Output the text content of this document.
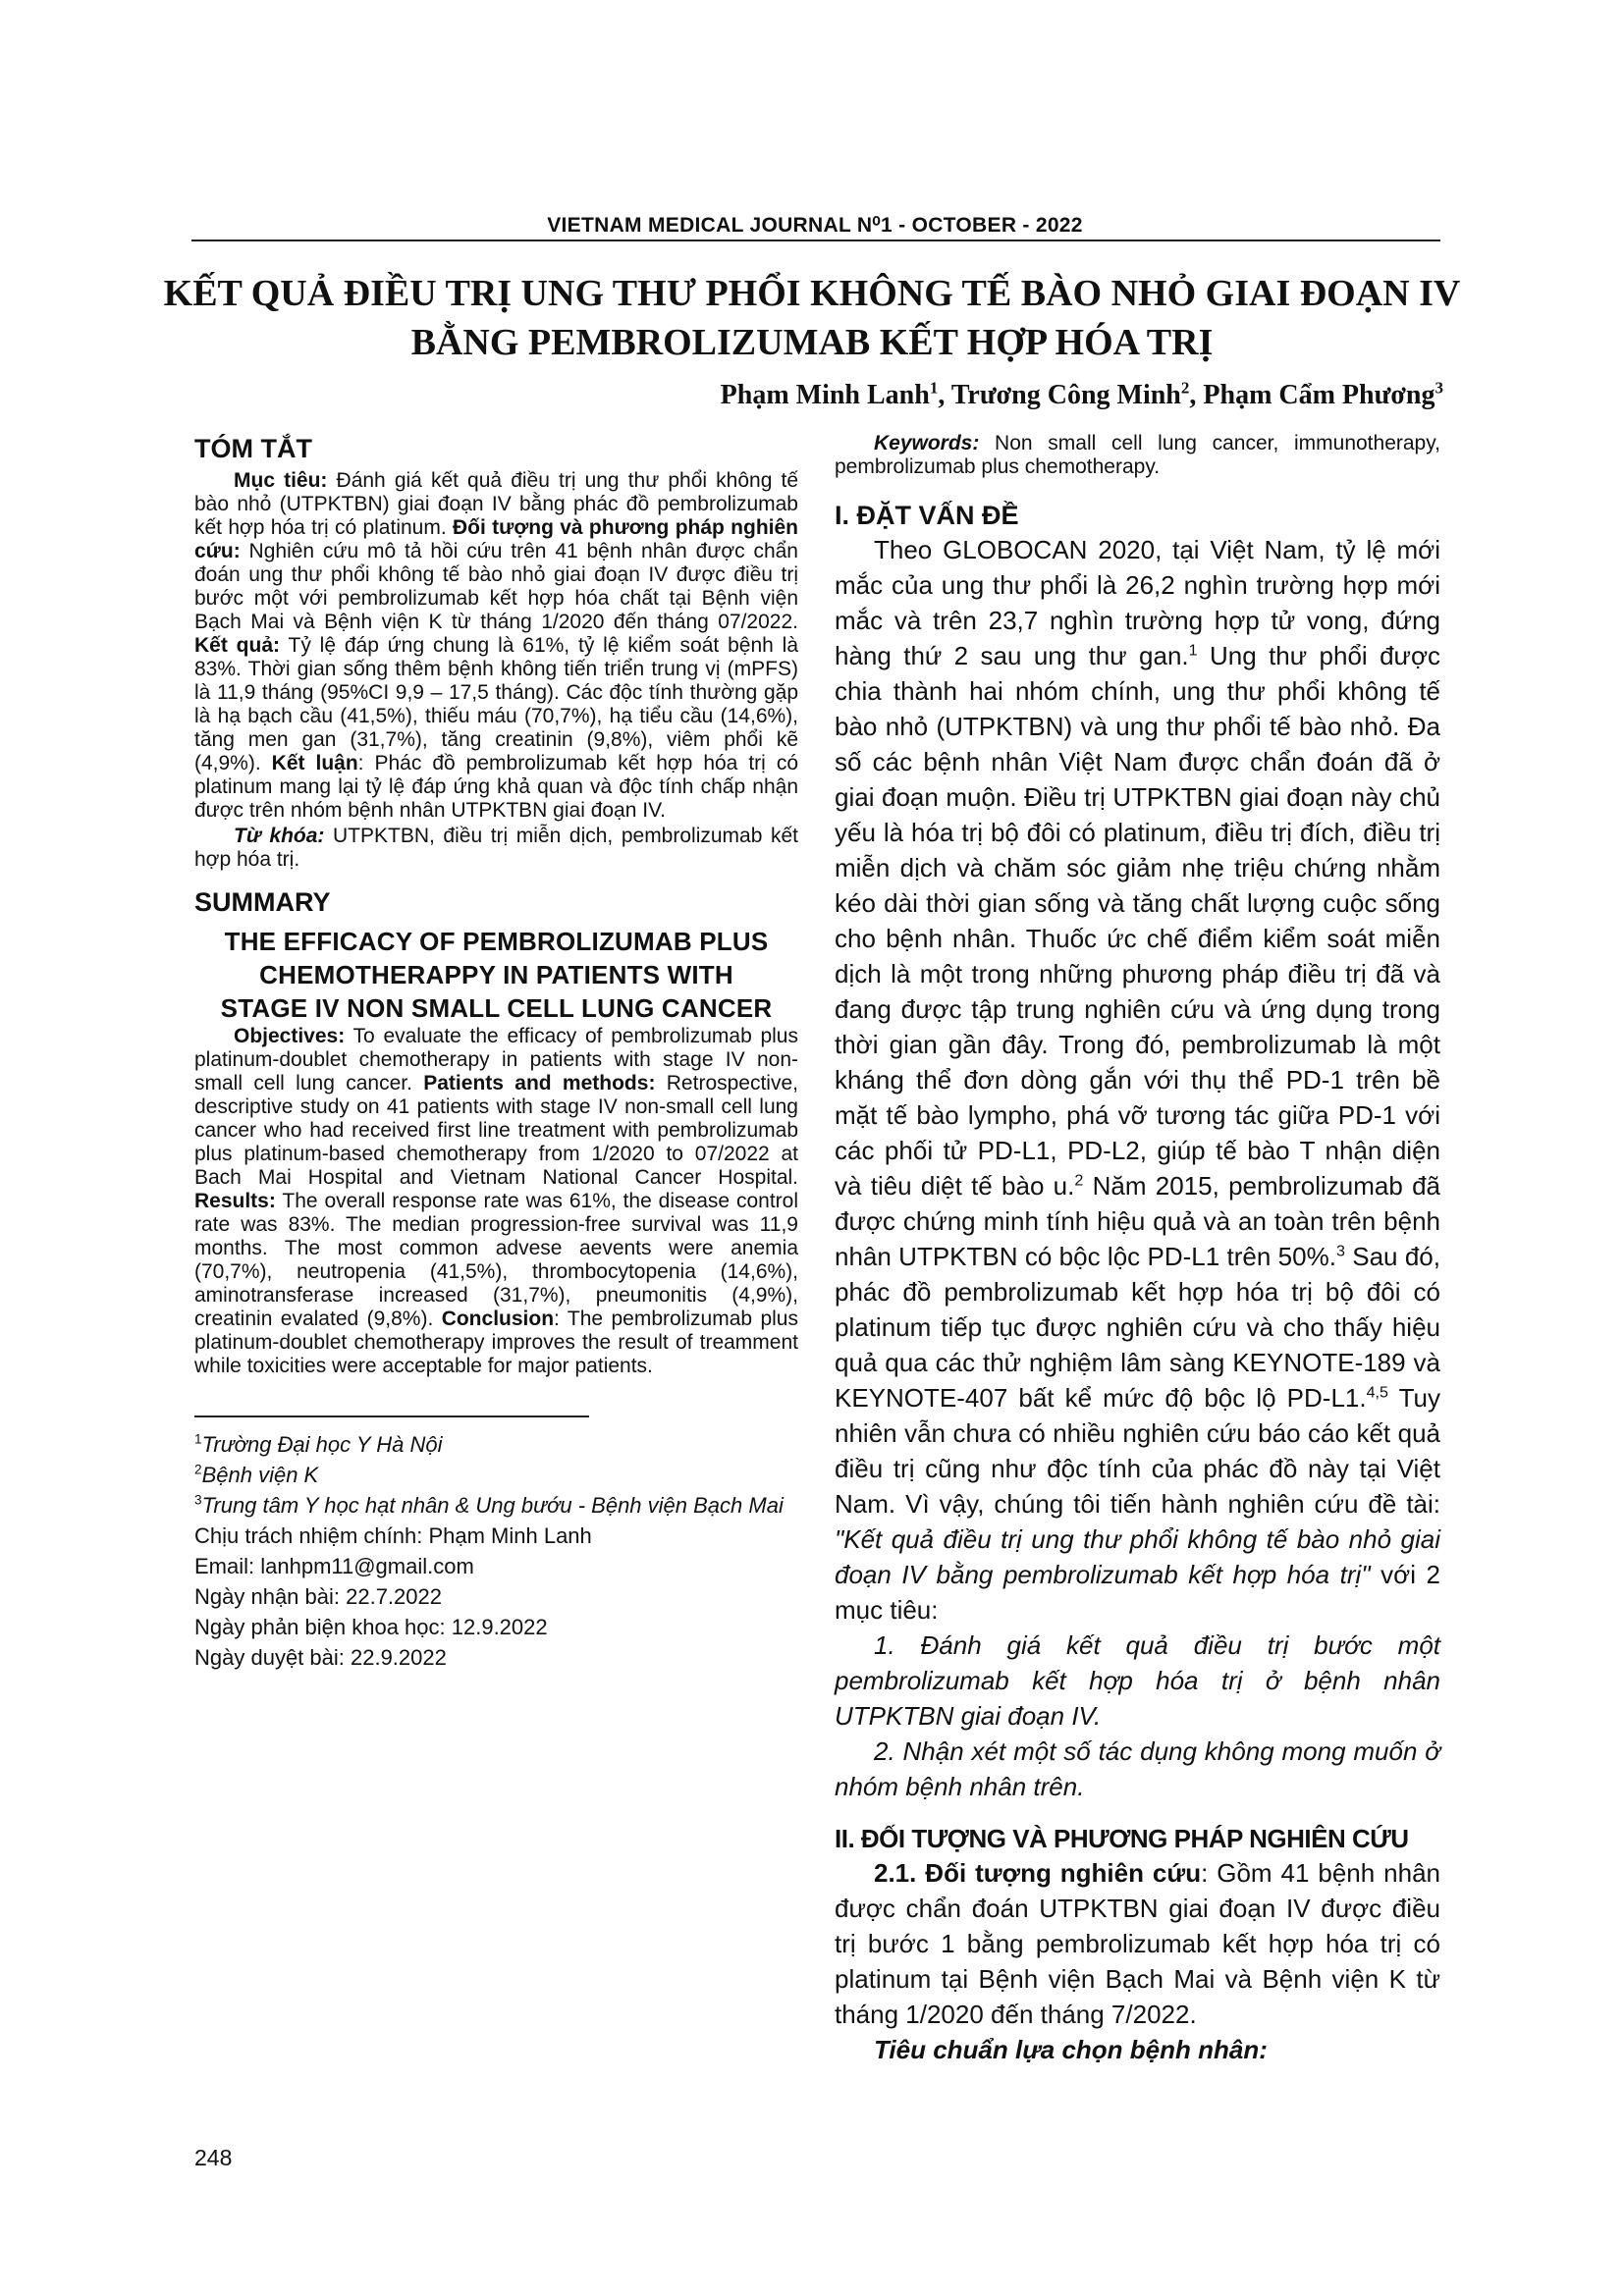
VIETNAM MEDICAL JOURNAL N⁰1 - OCTOBER - 2022
KẾT QUẢ ĐIỀU TRỊ UNG THƯ PHỔI KHÔNG TẾ BÀO NHỎ GIAI ĐOẠN IV
BẰNG PEMBROLIZUMAB KẾT HỢP HÓA TRỊ
Phạm Minh Lanh$^1$, Trương Công Minh$^2$, Phạm Cẩm Phương$^3$
TÓM TẮT

Mục tiêu: Đánh giá kết quả điều trị ung thư phổi không tế bào nhỏ (UTPKTBN) giai đoạn IV bằng phác đồ pembrolizumab kết hợp hóa trị có platinum. Đối tượng và phương pháp nghiên cứu: Nghiên cứu mô tả hồi cứu trên 41 bệnh nhân được chẩn đoán ung thư phổi không tế bào nhỏ giai đoạn IV được điều trị bước một với pembrolizumab kết hợp hóa chất tại Bệnh viện Bạch Mai và Bệnh viện K từ tháng 1/2020 đến tháng 07/2022. Kết quả: Tỷ lệ đáp ứng chung là 61%, tỷ lệ kiểm soát bệnh là 83%. Thời gian sống thêm bệnh không tiến triển trung vị (mPFS) là 11,9 tháng (95%CI 9,9 – 17,5 tháng). Các độc tính thường gặp là hạ bạch cầu (41,5%), thiếu máu (70,7%), hạ tiểu cầu (14,6%), tăng men gan (31,7%), tăng creatinin (9,8%), viêm phổi kẽ (4,9%). Kết luận: Phác đồ pembrolizumab kết hợp hóa trị có platinum mang lại tỷ lệ đáp ứng khả quan và độc tính chấp nhận được trên nhóm bệnh nhân UTPKTBN giai đoạn IV.

Từ khóa: UTPKTBN, điều trị miễn dịch, pembrolizumab kết hợp hóa trị.

SUMMARY
THE EFFICACY OF PEMBROLIZUMAB PLUS
CHEMOTHERAPPY IN PATIENTS WITH
STAGE IV NON SMALL CELL LUNG CANCER

Objectives: To evaluate the efficacy of pembrolizumab plus platinum-doublet chemotherapy in patients with stage IV non-small cell lung cancer. Patients and methods: Retrospective, descriptive study on 41 patients with stage IV non-small cell lung cancer who had received first line treatment with pembrolizumab plus platinum-based chemotherapy from 1/2020 to 07/2022 at Bach Mai Hospital and Vietnam National Cancer Hospital. Results: The overall response rate was 61%, the disease control rate was 83%. The median progression-free survival was 11,9 months. The most common advese aevents were anemia (70,7%), neutropenia (41,5%), thrombocytopenia (14,6%), aminotransferase increased (31,7%), pneumonitis (4,9%), creatinin evalated (9,8%). Conclusion: The pembrolizumab plus platinum-doublet chemotherapy improves the result of treamment while toxicities were acceptable for major patients.

$^1$Trường Đại học Y Hà Nội
$^2$Bệnh viện K
$^3$Trung tâm Y học hạt nhân & Ung bướu - Bệnh viện Bạch Mai
Chịu trách nhiệm chính: Phạm Minh Lanh
Email: lanhpm11@gmail.com
Ngày nhận bài: 22.7.2022
Ngày phản biện khoa học: 12.9.2022
Ngày duyệt bài: 22.9.2022

Keywords: Non small cell lung cancer, immunotherapy, pembrolizumab plus chemotherapy.

I. ĐẶT VẤN ĐỀ

Theo GLOBOCAN 2020, tại Việt Nam, tỷ lệ mới mắc của ung thư phổi là 26,2 nghìn trường hợp mới mắc và trên 23,7 nghìn trường hợp tử vong, đứng hàng thứ 2 sau ung thư gan.$^1$ Ung thư phổi được chia thành hai nhóm chính, ung thư phổi không tế bào nhỏ (UTPKTBN) và ung thư phổi tế bào nhỏ. Đa số các bệnh nhân Việt Nam được chẩn đoán đã ở giai đoạn muộn. Điều trị UTPKTBN giai đoạn này chủ yếu là hóa trị bộ đôi có platinum, điều trị đích, điều trị miễn dịch và chăm sóc giảm nhẹ triệu chứng nhằm kéo dài thời gian sống và tăng chất lượng cuộc sống cho bệnh nhân. Thuốc ức chế điểm kiểm soát miễn dịch là một trong những phương pháp điều trị đã và đang được tập trung nghiên cứu và ứng dụng trong thời gian gần đây. Trong đó, pembrolizumab là một kháng thể đơn dòng gắn với thụ thể PD-1 trên bề mặt tế bào lympho, phá vỡ tương tác giữa PD-1 với các phối tử PD-L1, PD-L2, giúp tế bào T nhận diện và tiêu diệt tế bào u.$^2$ Năm 2015, pembrolizumab đã được chứng minh tính hiệu quả và an toàn trên bệnh nhân UTPKTBN có bộc lộc PD-L1 trên 50%.$^3$ Sau đó, phác đồ pembrolizumab kết hợp hóa trị bộ đôi có platinum tiếp tục được nghiên cứu và cho thấy hiệu quả qua các thử nghiệm lâm sàng KEYNOTE-189 và KEYNOTE-407 bất kể mức độ bộc lộ PD-L1.$^{4,5}$ Tuy nhiên vẫn chưa có nhiều nghiên cứu báo cáo kết quả điều trị cũng như độc tính của phác đồ này tại Việt Nam. Vì vậy, chúng tôi tiến hành nghiên cứu đề tài: "Kết quả điều trị ung thư phổi không tế bào nhỏ giai đoạn IV bằng pembrolizumab kết hợp hóa trị" với 2 mục tiêu:

1. Đánh giá kết quả điều trị bước một pembrolizumab kết hợp hóa trị ở bệnh nhân UTPKTBN giai đoạn IV.

2. Nhận xét một số tác dụng không mong muốn ở nhóm bệnh nhân trên.

II. ĐỐI TƯỢNG VÀ PHƯƠNG PHÁP NGHIÊN CỨU

2.1. Đối tượng nghiên cứu: Gồm 41 bệnh nhân được chẩn đoán UTPKTBN giai đoạn IV được điều trị bước 1 bằng pembrolizumab kết hợp hóa trị có platinum tại Bệnh viện Bạch Mai và Bệnh viện K từ tháng 1/2020 đến tháng 7/2022.

Tiêu chuẩn lựa chọn bệnh nhân:

248
